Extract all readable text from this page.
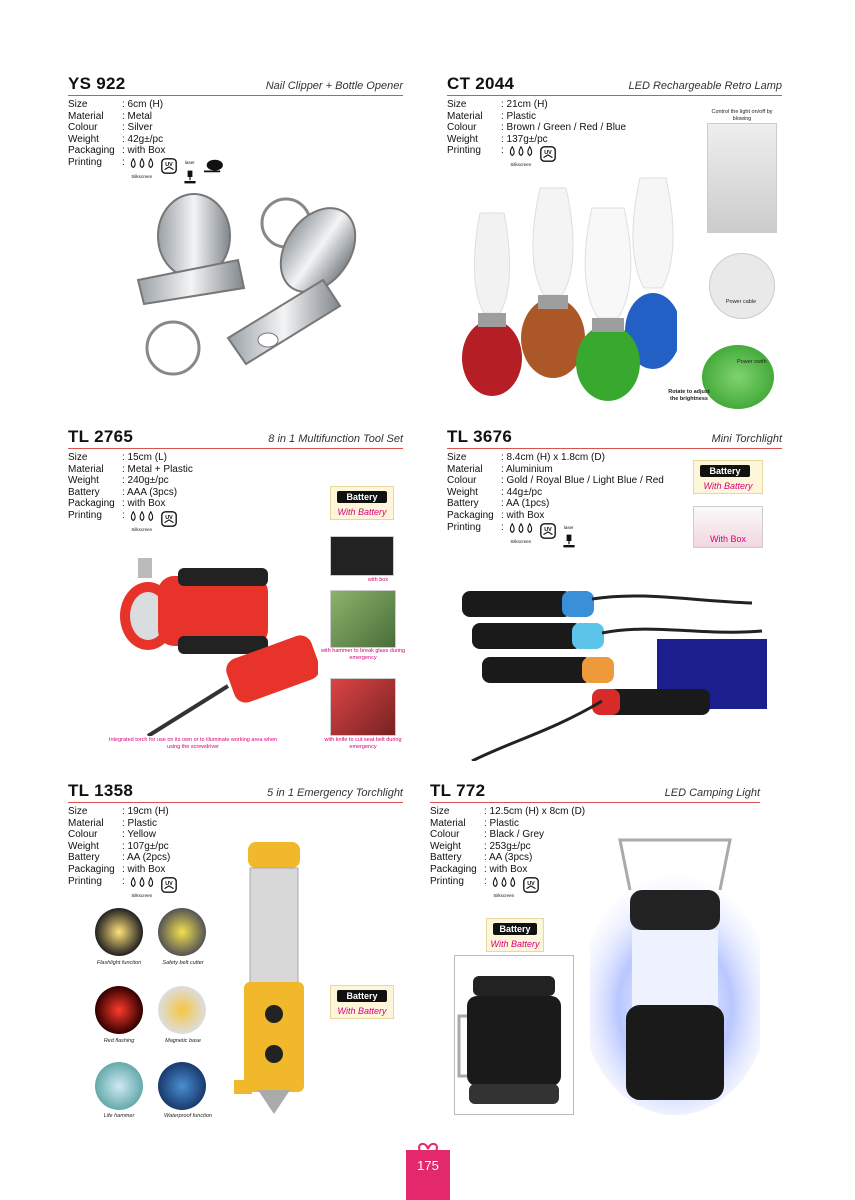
YS 922	Nail Clipper + Bottle Opener
Size	: 6cm (H)
Material	: Metal
Colour	: Silver
Weight	: 42g±/pc
Packaging : with Box
Printing	:
Silkscreen
laser
CT 2044	LED Rechargeable Retro Lamp
Size	: 21cm (H)
Material	: Plastic
Colour	: Brown / Green / Red / Blue
Weight	: 137g±/pc
Printing	:
Silkscreen
Control the light on/off by blowing
Power cable
Power swith
Rotate to adjust the brightness
TL 2765	8 in 1 Multifunction Tool Set
Size	: 15cm (L)
Material	: Metal + Plastic
Weight	: 240g±/pc
Battery	: AAA (3pcs)
Packaging : with Box
Printing	:
Silkscreen
Battery
With Battery
with box
with hammer to break glass during emergency
with knife to cut seat belt during emergency
Integrated torch for use on its own or to illuminate working area when using the screwdriver
TL 3676	Mini Torchlight
Size	: 8.4cm (H) x 1.8cm (D)
Material	: Aluminium
Colour	: Gold / Royal Blue / Light Blue / Red
Weight	: 44g±/pc
Battery	: AA (1pcs)
Packaging : with Box
Printing	:
Silkscreen
laser
Battery
With Battery
With Box
TL 1358	5 in 1 Emergency Torchlight
Size	: 19cm (H)
Material	: Plastic
Colour	: Yellow
Weight	: 107g±/pc
Battery	: AA (2pcs)
Packaging : with Box
Printing	:
Silkscreen
Flashlight function	Safety belt cutter
Red flashing	Magnetic base
Life hammer	Waterproof function
Battery
With Battery
TL 772	LED Camping Light
Size	: 12.5cm (H) x 8cm (D)
Material	: Plastic
Colour	: Black / Grey
Weight	: 253g±/pc
Battery	: AA (3pcs)
Packaging : with Box
Printing	:
Silkscreen
Battery
With Battery
175
